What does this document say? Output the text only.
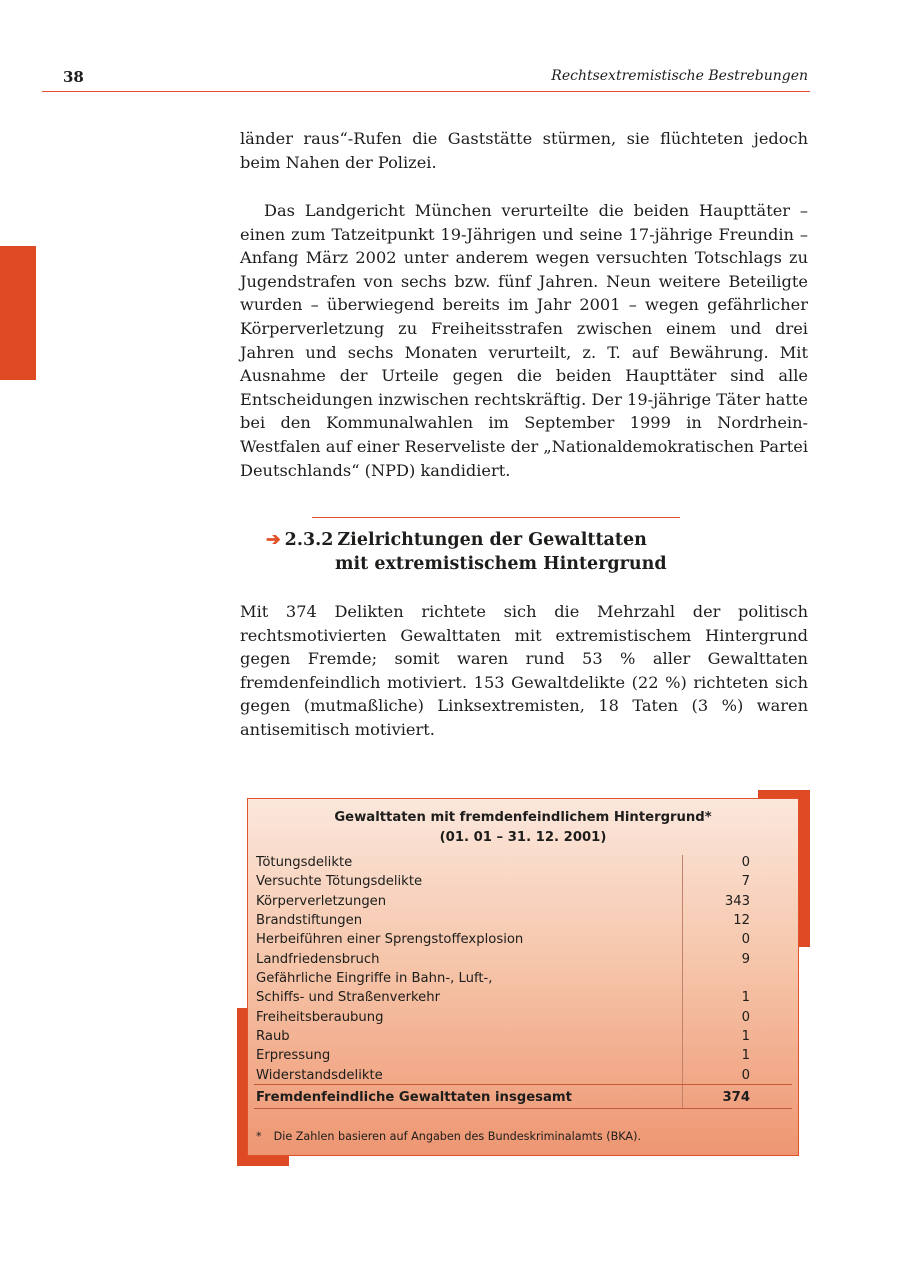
38	Rechtsextremistische Bestrebungen

länder raus“-Rufen die Gaststätte stürmen, sie flüchteten jedoch beim Nahen der Polizei.

Das Landgericht München verurteilte die beiden Haupttäter – einen zum Tatzeitpunkt 19-Jährigen und seine 17-jährige Freundin – Anfang März 2002 unter anderem wegen versuchten Totschlags zu Jugendstrafen von sechs bzw. fünf Jahren. Neun weitere Beteiligte wurden – überwiegend bereits im Jahr 2001 – wegen gefährlicher Körperverletzung zu Freiheitsstrafen zwischen einem und drei Jahren und sechs Monaten verurteilt, z. T. auf Bewährung. Mit Ausnahme der Urteile gegen die beiden Haupttäter sind alle Entscheidungen inzwischen rechtskräftig. Der 19-jährige Täter hatte bei den Kommunalwahlen im September 1999 in Nordrhein-Westfalen auf einer Reserveliste der „Nationaldemokratischen Partei Deutschlands“ (NPD) kandidiert.

➔ 2.3.2 Zielrichtungen der Gewalttaten
mit extremistischem Hintergrund

Mit 374 Delikten richtete sich die Mehrzahl der politisch rechtsmotivierten Gewalttaten mit extremistischem Hintergrund gegen Fremde; somit waren rund 53 % aller Gewalttaten fremdenfeindlich motiviert. 153 Gewaltdelikte (22 %) richteten sich gegen (mutmaßliche) Linksextremisten, 18 Taten (3 %) waren antisemitisch motiviert.

Gewalttaten mit fremdenfeindlichem Hintergrund*
(01. 01 – 31. 12. 2001)
Tötungsdelikte	0
Versuchte Tötungsdelikte	7
Körperverletzungen	343
Brandstiftungen	12
Herbeiführen einer Sprengstoffexplosion	0
Landfriedensbruch	9
Gefährliche Eingriffe in Bahn-, Luft-,
Schiffs- und Straßenverkehr	1
Freiheitsberaubung	0
Raub	1
Erpressung	1
Widerstandsdelikte	0
Fremdenfeindliche Gewalttaten insgesamt	374
* Die Zahlen basieren auf Angaben des Bundeskriminalamts (BKA).
